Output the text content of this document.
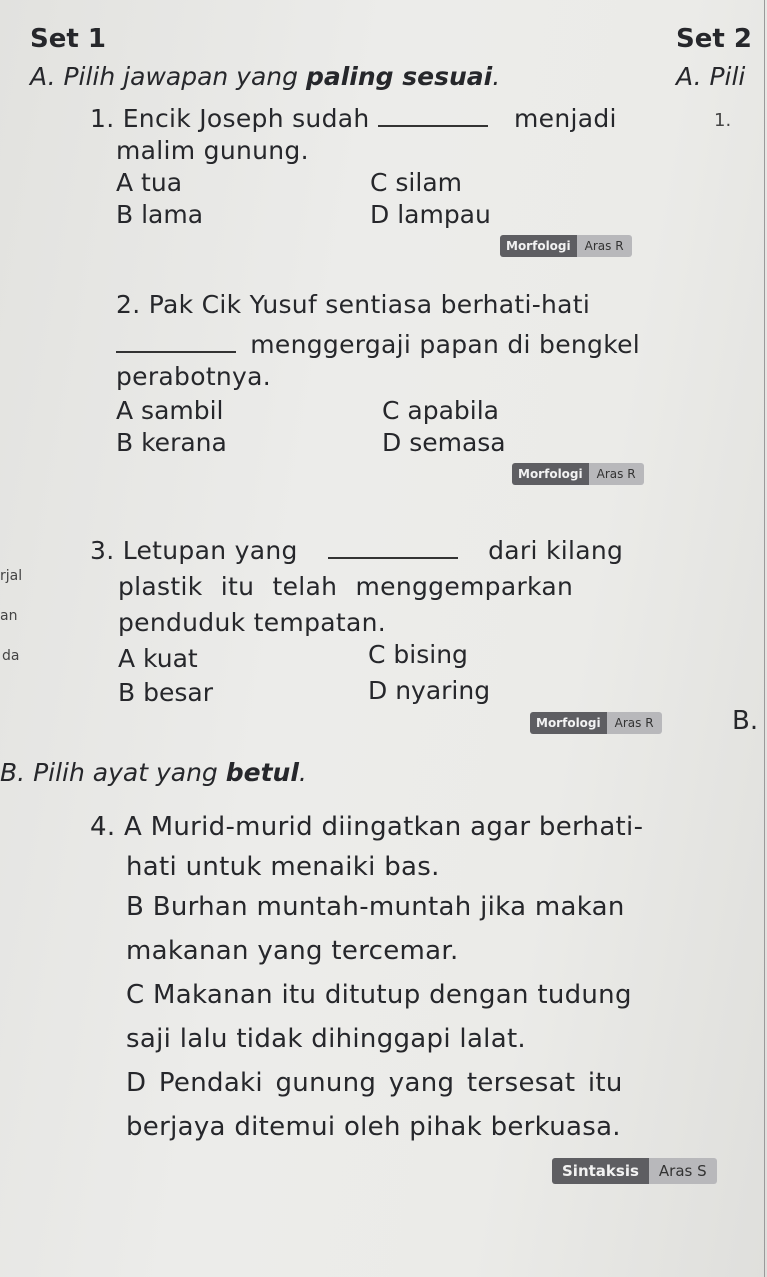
Set 1	Set 2
A. Pili
A. Pilih jawapan yang paling sesuai.
1. Encik Joseph sudah	menjadi	1.
malim gunung.
A tua	C silam
B lama	D lampau
Morfologi	Aras R
2. Pak Cik Yusuf sentiasa berhati-hati
menggergaji papan di bengkel
perabotnya.
A sambil	C apabila
B kerana	D semasa
Morfologi	Aras R
rjal
an
da
3. Letupan yang	dari kilang
plastik itu telah menggemparkan
penduduk tempatan.
A kuat	C bising
B besar	D nyaring
Morfologi	Aras R	B.
B. Pilih ayat yang betul.
4. A Murid-murid diingatkan agar berhati-
hati untuk menaiki bas.
B Burhan muntah-muntah jika makan
makanan yang tercemar.
C Makanan itu ditutup dengan tudung
saji lalu tidak dihinggapi lalat.
D Pendaki gunung yang tersesat itu
berjaya ditemui oleh pihak berkuasa.
Sintaksis	Aras S
